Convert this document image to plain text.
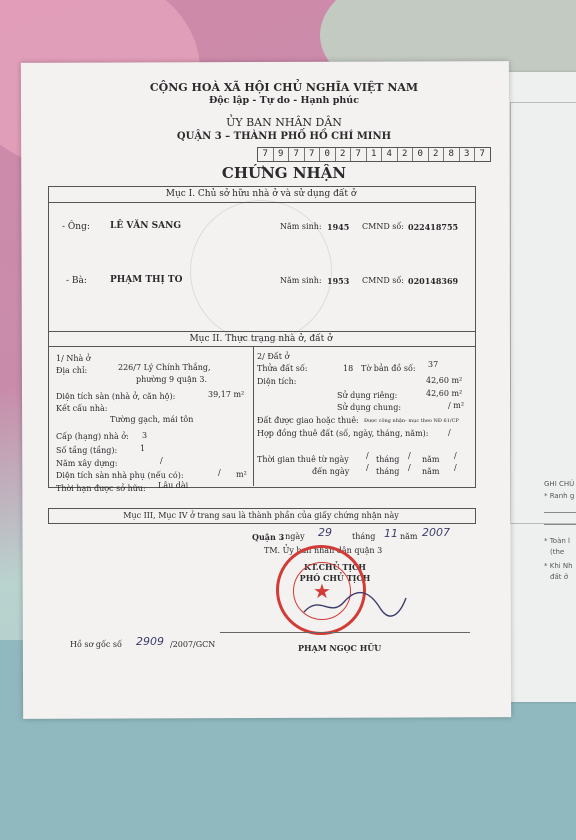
GHI CHÚ
* Ranh g
* Toàn l
(the
* Khi Nh
đất ở
CỘNG HOÀ XÃ HỘI CHỦ NGHĨA VIỆT NAM
Độc lập - Tự do - Hạnh phúc
ỦY BAN NHÂN DÂN
QUẬN 3 – THÀNH PHỐ HỒ CHÍ MINH
7	9	7	7	0	2	7	1	4	2	0	2	8	3	7
CHỨNG NHẬN
Mục I. Chủ sở hữu nhà ở và sử dụng đất ở
- Ông: LÊ VĂN SANG	Năm sinh: 1945 CMND số: 022418755
- Bà:	PHẠM THỊ TO	Năm sinh: 1953 CMND số: 020148369
Mục II. Thực trạng nhà ở, đất ở
1/ Nhà ở
Địa chỉ:	226/7 Lý Chính Thắng,
phường 9 quận 3.
Diện tích sàn (nhà ở, căn hộ):	39,17 m²
Kết cấu nhà:
Tường gạch, mái tôn
Cấp (hạng) nhà ở: 3
Số tầng (tầng):	1
Năm xây dựng:	/
Diện tích sàn nhà phụ (nếu có):	/ m²
Thời hạn được sở hữu: Lâu dài
2/ Đất ở
Thửa đất số:	18 Tờ bản đồ số: 37
Diện tích:	42,60 m²
Sử dụng riêng:	42,60 m²
Sử dụng chung:	/ m²
Đất được giao hoặc thuê: Được công nhận- mục theo NĐ 61/CP
Hợp đồng thuê đất (số, ngày, tháng, năm): /
Thời gian thuê từ ngày / tháng / năm /
đến ngày / tháng / năm /
Mục III, Mục IV ở trang sau là thành phần của giấy chứng nhận này
Quận 3
, ngày 29	tháng 11 năm 2007
TM. Ủy ban nhân dân quận 3
KT.CHỦ TỊCH
PHÓ CHỦ TỊCH
★
PHẠM NGỌC HỮU
Hồ sơ gốc số 2909 /2007/GCN
